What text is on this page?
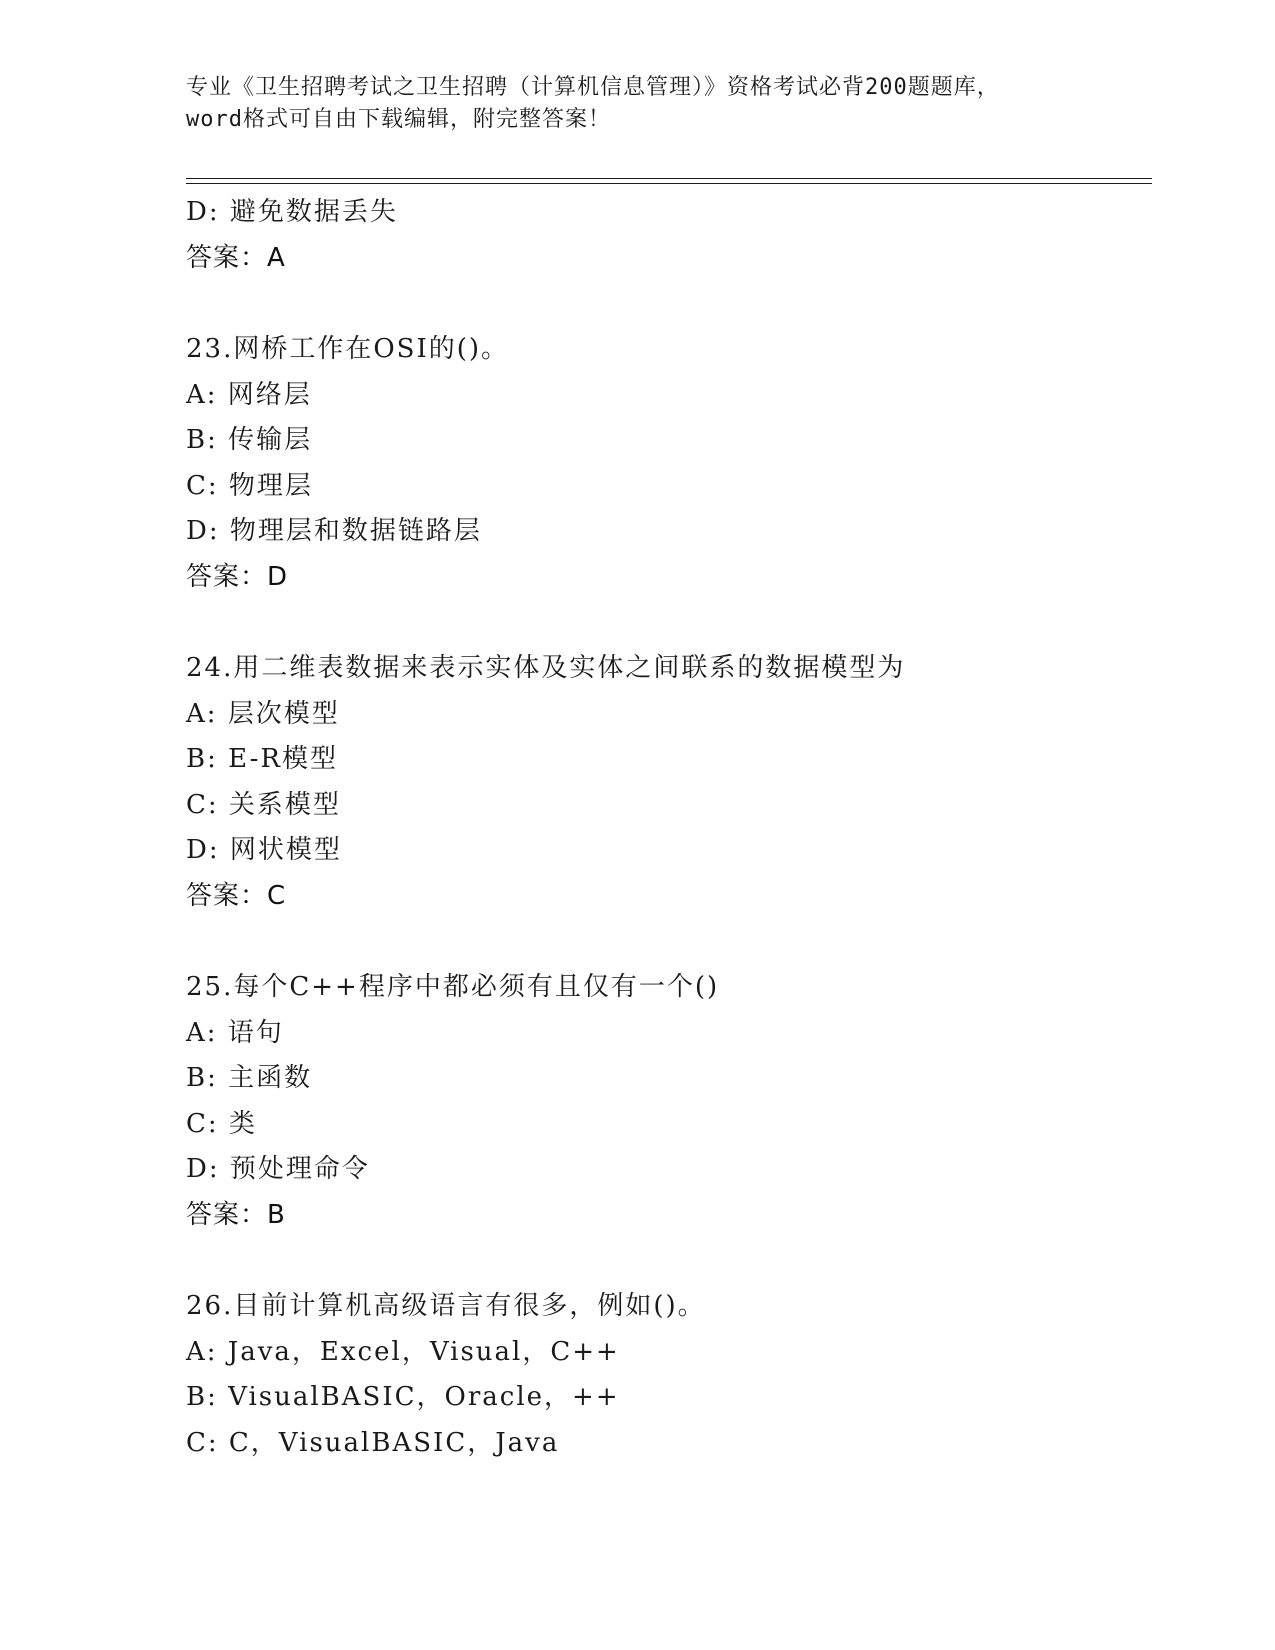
专业《卫生招聘考试之卫生招聘（计算机信息管理）》资格考试必背200题题库，
word格式可自由下载编辑，附完整答案！
D: 避免数据丢失
答案：A
23.网桥工作在OSI的()。
A: 网络层
B: 传输层
C: 物理层
D: 物理层和数据链路层
答案：D
24.用二维表数据来表示实体及实体之间联系的数据模型为
A: 层次模型
B: E-R模型
C: 关系模型
D: 网状模型
答案：C
25.每个C++程序中都必须有且仅有一个()
A: 语句
B: 主函数
C: 类
D: 预处理命令
答案：B
26.目前计算机高级语言有很多，例如()。
A: Java，Excel，Visual，C++
B: VisualBASIC，Oracle，++
C: C，VisualBASIC，Java
